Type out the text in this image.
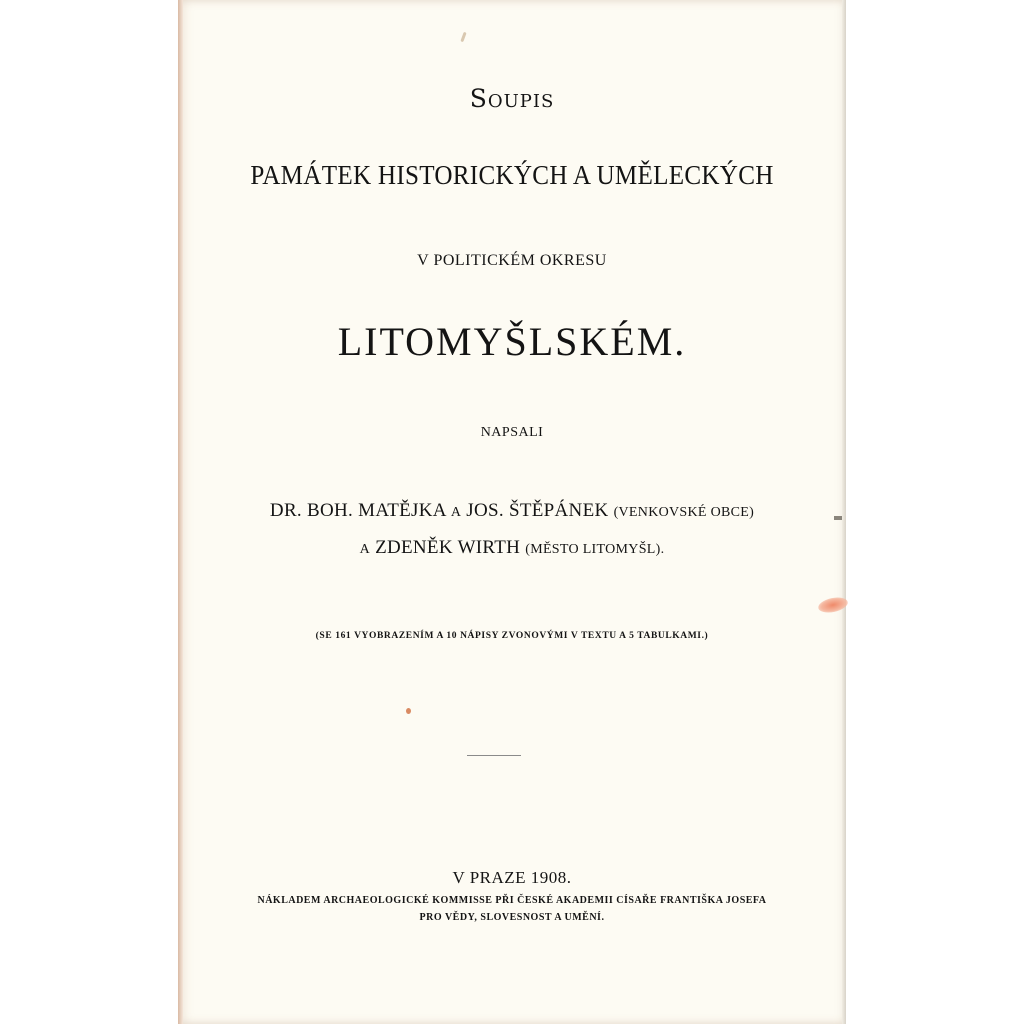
Soupis
PAMÁTEK HISTORICKÝCH A UMĚLECKÝCH
V POLITICKÉM OKRESU
LITOMYŠLSKÉM.
NAPSALI
DR. BOH. MATĚJKA A JOS. ŠTĚPÁNEK (VENKOVSKÉ OBCE)
A ZDENĚK WIRTH (MĚSTO LITOMYŠL).
(SE 161 VYOBRAZENÍM A 10 NÁPISY ZVONOVÝMI V TEXTU A 5 TABULKAMI.)
V PRAZE 1908.
NÁKLADEM ARCHAEOLOGICKÉ KOMMISSE PŘI ČESKÉ AKADEMII CÍSAŘE FRANTIŠKA JOSEFA
PRO VĚDY, SLOVESNOST A UMĚNÍ.
